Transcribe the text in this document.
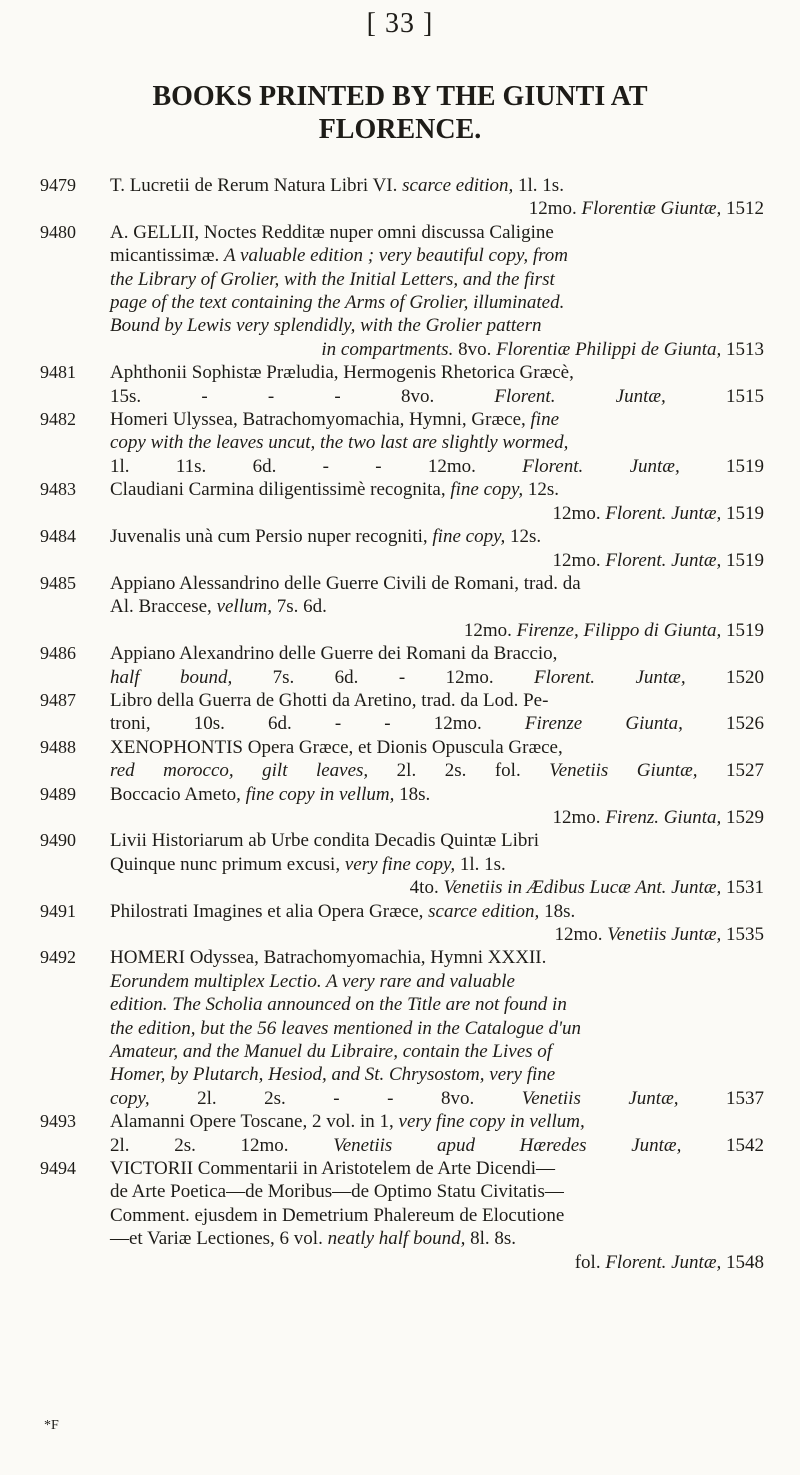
[ 33 ]
BOOKS PRINTED BY THE GIUNTI AT
FLORENCE.
9479 T. Lucretii de Rerum Natura Libri VI. scarce edition, 1l. 1s.

12mo. Florentiæ Giuntæ, 1512

9480 A. GELLII, Noctes Redditæ nuper omni discussa Caligine

micantissimæ. A valuable edition ; very beautiful copy, from

the Library of Grolier, with the Initial Letters, and the first

page of the text containing the Arms of Grolier, illuminated.

Bound by Lewis very splendidly, with the Grolier pattern

in compartments. 8vo. Florentiæ Philippi de Giunta, 1513

9481 Aphthonii Sophistæ Præludia, Hermogenis Rhetorica Græcè,

15s. - - - 8vo. Florent. Juntæ, 1515

9482 Homeri Ulyssea, Batrachomyomachia, Hymni, Græce, fine

copy with the leaves uncut, the two last are slightly wormed,

1l. 11s. 6d. - - 12mo. Florent. Juntæ, 1519

9483 Claudiani Carmina diligentissimè recognita, fine copy, 12s.

12mo. Florent. Juntæ, 1519

9484 Juvenalis unà cum Persio nuper recogniti, fine copy, 12s.

12mo. Florent. Juntæ, 1519

9485 Appiano Alessandrino delle Guerre Civili de Romani, trad. da

Al. Braccese, vellum, 7s. 6d.

12mo. Firenze, Filippo di Giunta, 1519

9486 Appiano Alexandrino delle Guerre dei Romani da Braccio,

half bound, 7s. 6d. - 12mo. Florent. Juntæ, 1520

9487 Libro della Guerra de Ghotti da Aretino, trad. da Lod. Pe-

troni, 10s. 6d. - - 12mo. Firenze Giunta, 1526

9488 XENOPHONTIS Opera Græce, et Dionis Opuscula Græce,

red morocco, gilt leaves, 2l. 2s. fol. Venetiis Giuntæ, 1527

9489 Boccacio Ameto, fine copy in vellum, 18s.

12mo. Firenz. Giunta, 1529

9490 Livii Historiarum ab Urbe condita Decadis Quintæ Libri

Quinque nunc primum excusi, very fine copy, 1l. 1s.

4to. Venetiis in Ædibus Lucæ Ant. Juntæ, 1531

9491 Philostrati Imagines et alia Opera Græce, scarce edition, 18s.

12mo. Venetiis Juntæ, 1535

9492 HOMERI Odyssea, Batrachomyomachia, Hymni XXXII.

Eorundem multiplex Lectio. A very rare and valuable

edition. The Scholia announced on the Title are not found in

the edition, but the 56 leaves mentioned in the Catalogue d'un

Amateur, and the Manuel du Libraire, contain the Lives of

Homer, by Plutarch, Hesiod, and St. Chrysostom, very fine

copy, 2l. 2s. - - 8vo. Venetiis Juntæ, 1537

9493 Alamanni Opere Toscane, 2 vol. in 1, very fine copy in vellum,

2l. 2s. 12mo. Venetiis apud Hæredes Juntæ, 1542

9494 VICTORII Commentarii in Aristotelem de Arte Dicendi—

de Arte Poetica—de Moribus—de Optimo Statu Civitatis—

Comment. ejusdem in Demetrium Phalereum de Elocutione

—et Variæ Lectiones, 6 vol. neatly half bound, 8l. 8s.

fol. Florent. Juntæ, 1548

*F
